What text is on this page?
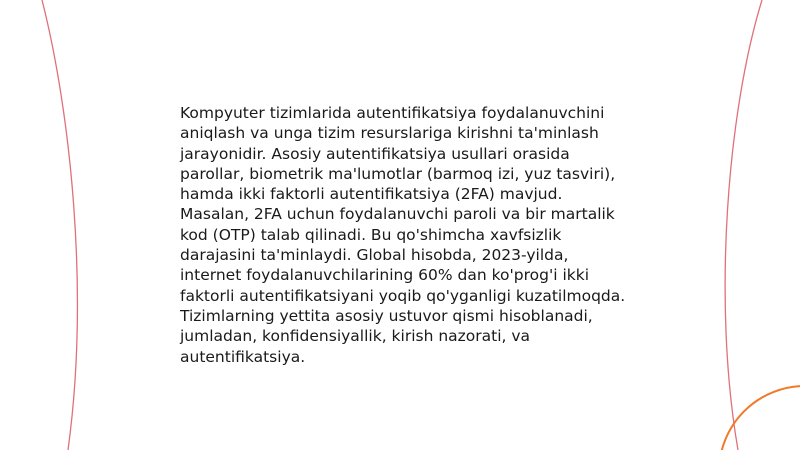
Kompyuter tizimlarida autentifikatsiya foydalanuvchini aniqlash va unga tizim resurslariga kirishni ta'minlash jarayonidir. Asosiy autentifikatsiya usullari orasida parollar, biometrik ma'lumotlar (barmoq izi, yuz tasviri), hamda ikki faktorli autentifikatsiya (2FA) mavjud. Masalan, 2FA uchun foydalanuvchi paroli va bir martalik kod (OTP) talab qilinadi. Bu qo'shimcha xavfsizlik darajasini ta'minlaydi. Global hisobda, 2023-yilda, internet foydalanuvchilarining 60% dan ko'prog'i ikki faktorli autentifikatsiyani yoqib qo'yganligi kuzatilmoqda. Tizimlarning yettita asosiy ustuvor qismi hisoblanadi, jumladan, konfidensiyallik, kirish nazorati, va autentifikatsiya.
